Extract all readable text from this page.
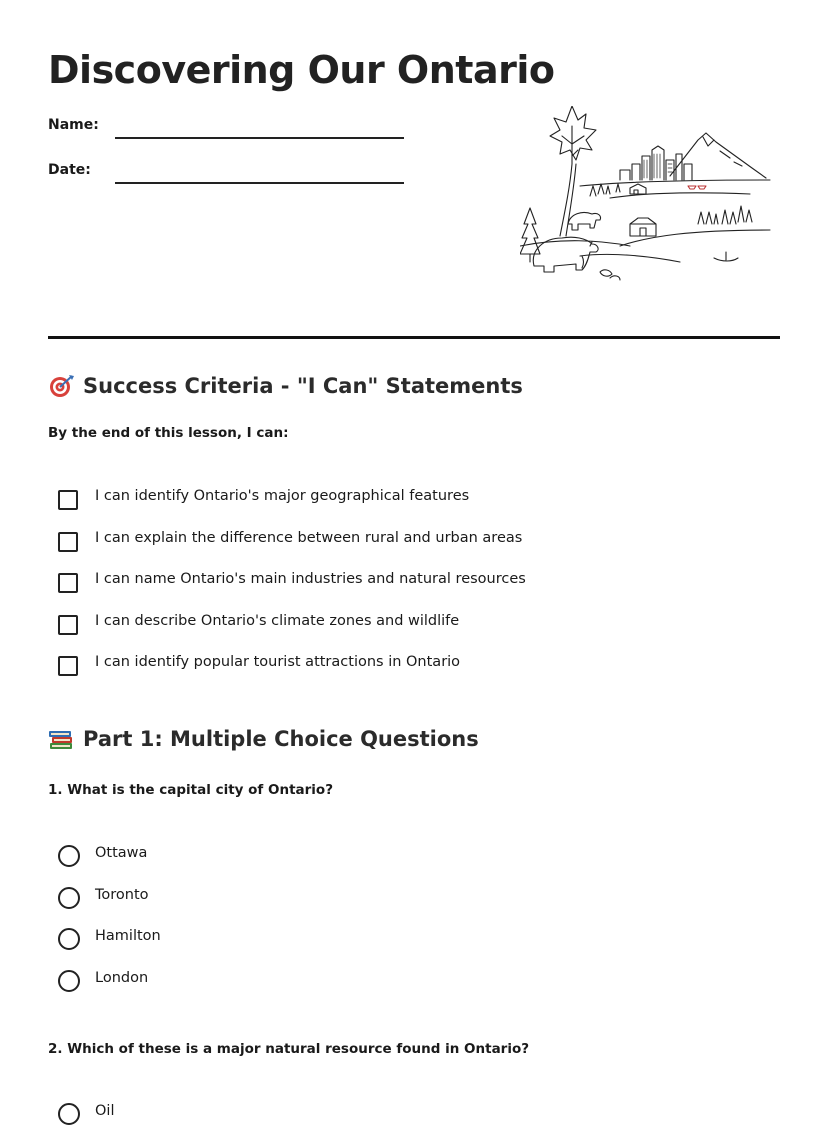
Discovering Our Ontario
Name:
Date:
Success Criteria - "I Can" Statements
By the end of this lesson, I can:
I can identify Ontario's major geographical features
I can explain the difference between rural and urban areas
I can name Ontario's main industries and natural resources
I can describe Ontario's climate zones and wildlife
I can identify popular tourist attractions in Ontario
Part 1: Multiple Choice Questions
1. What is the capital city of Ontario?
Ottawa
Toronto
Hamilton
London
2. Which of these is a major natural resource found in Ontario?
Oil
